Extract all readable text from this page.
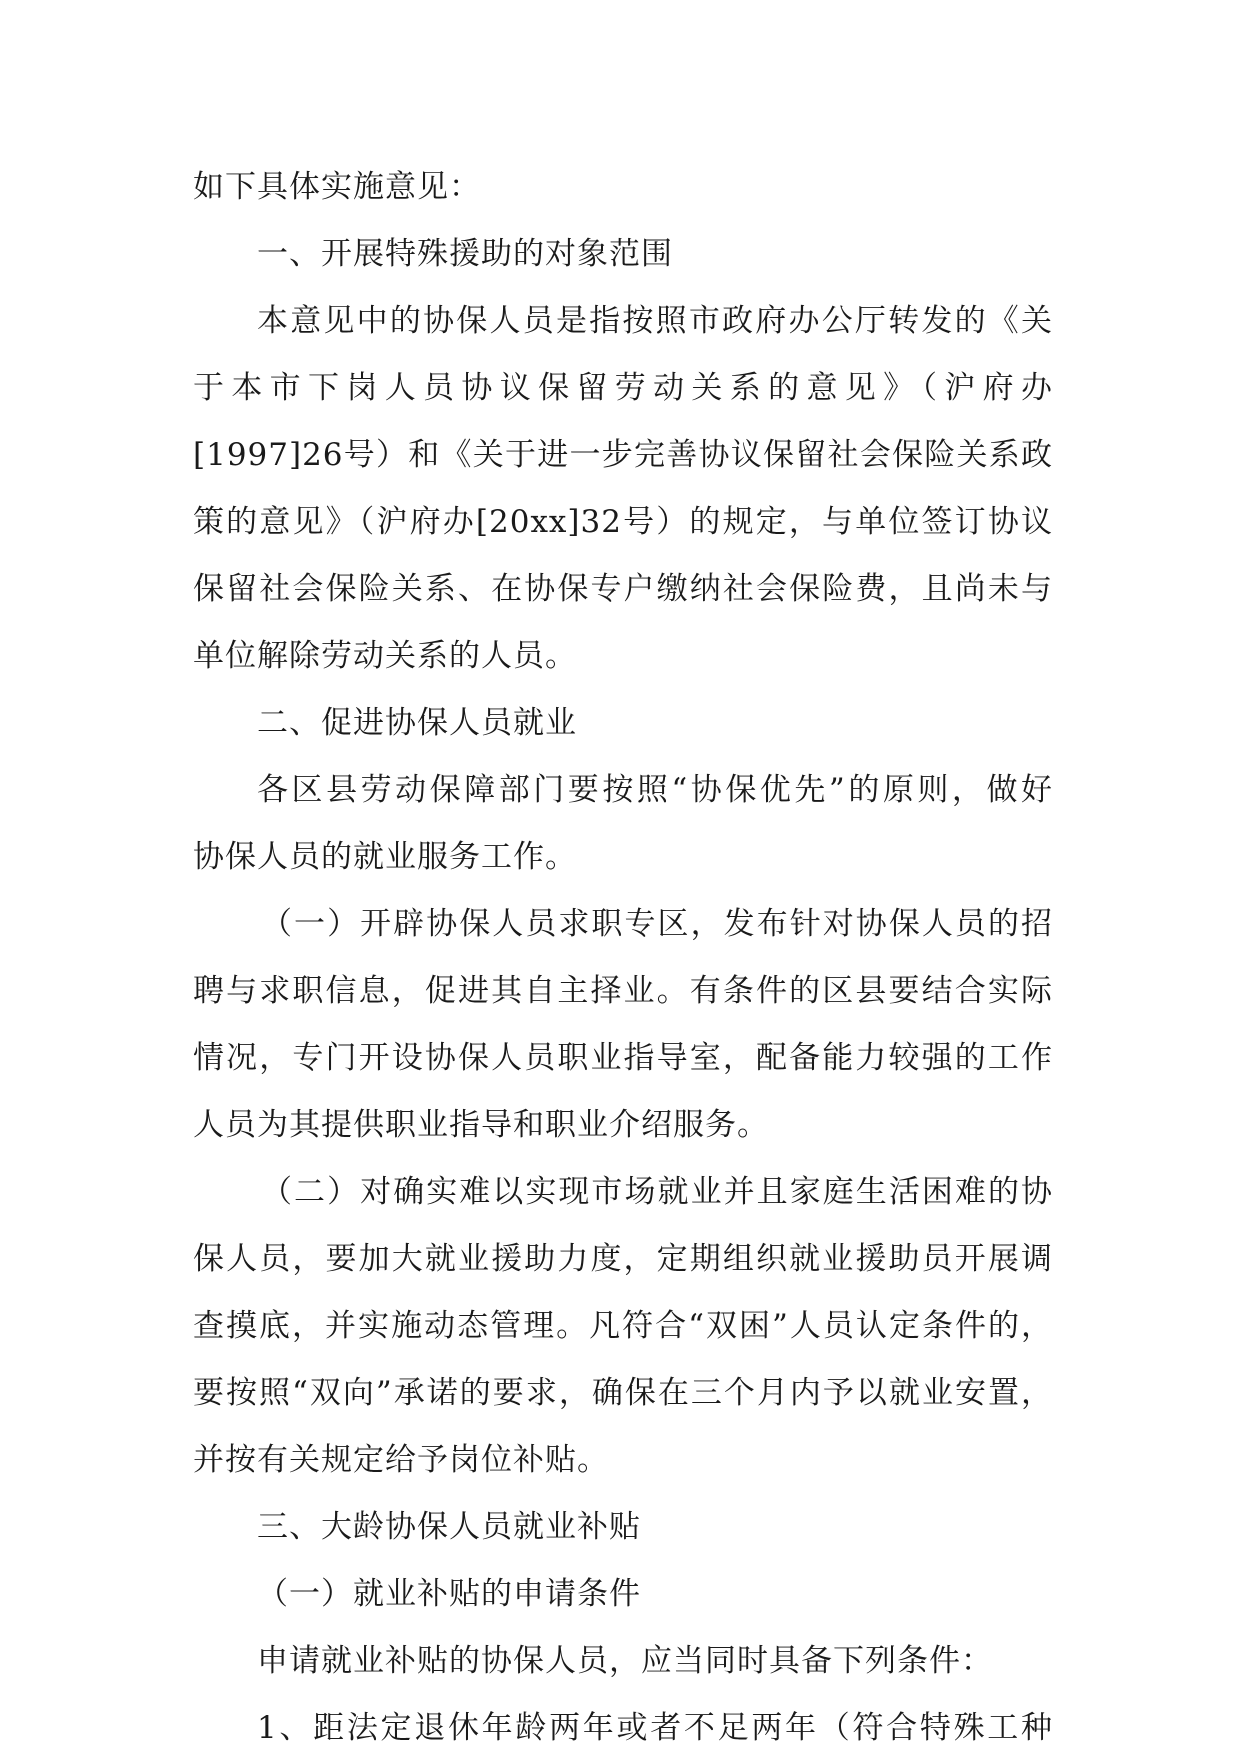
如下具体实施意见：
一、开展特殊援助的对象范围
本意见中的协保人员是指按照市政府办公厅转发的《关
于本市下岗人员协议保留劳动关系的意见》（沪府办
[1997]26号）和《关于进一步完善协议保留社会保险关系政
策的意见》（沪府办[20xx]32号）的规定，与单位签订协议
保留社会保险关系、在协保专户缴纳社会保险费，且尚未与
单位解除劳动关系的人员。
二、促进协保人员就业
各区县劳动保障部门要按照“协保优先”的原则，做好
协保人员的就业服务工作。
（一）开辟协保人员求职专区，发布针对协保人员的招
聘与求职信息，促进其自主择业。有条件的区县要结合实际
情况，专门开设协保人员职业指导室，配备能力较强的工作
人员为其提供职业指导和职业介绍服务。
（二）对确实难以实现市场就业并且家庭生活困难的协
保人员，要加大就业援助力度，定期组织就业援助员开展调
查摸底，并实施动态管理。凡符合“双困”人员认定条件的，
要按照“双向”承诺的要求，确保在三个月内予以就业安置，
并按有关规定给予岗位补贴。
三、大龄协保人员就业补贴
（一）就业补贴的申请条件
申请就业补贴的协保人员，应当同时具备下列条件：
1、距法定退休年龄两年或者不足两年（符合特殊工种
